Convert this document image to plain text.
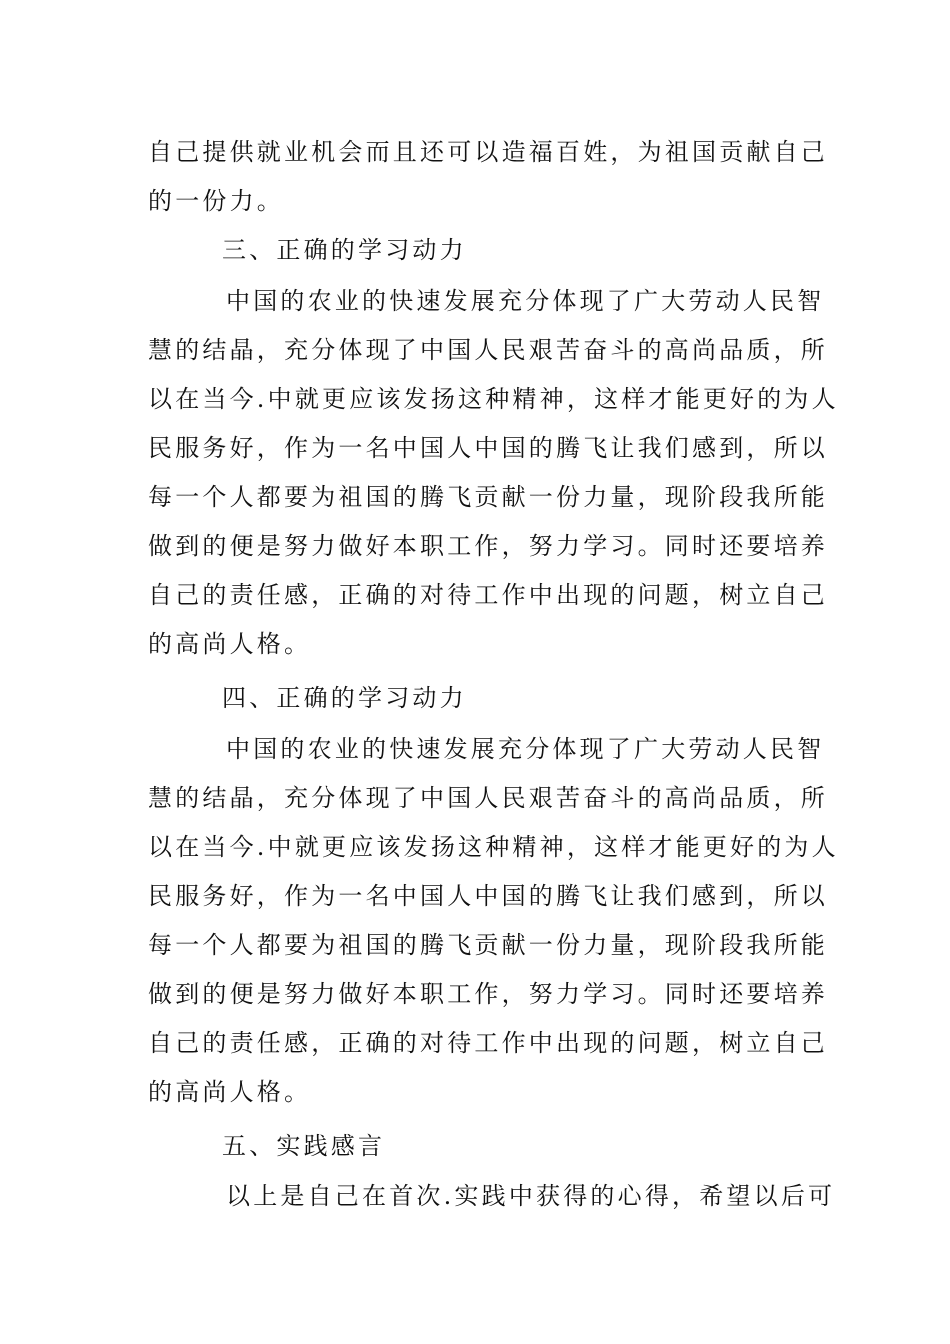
自己提供就业机会而且还可以造福百姓，为祖国贡献自己
的一份力。
三、正确的学习动力
中国的农业的快速发展充分体现了广大劳动人民智
慧的结晶，充分体现了中国人民艰苦奋斗的高尚品质，所
以在当今.中就更应该发扬这种精神，这样才能更好的为人
民服务好，作为一名中国人中国的腾飞让我们感到，所以
每一个人都要为祖国的腾飞贡献一份力量，现阶段我所能
做到的便是努力做好本职工作，努力学习。同时还要培养
自己的责任感，正确的对待工作中出现的问题，树立自己
的高尚人格。
四、正确的学习动力
中国的农业的快速发展充分体现了广大劳动人民智
慧的结晶，充分体现了中国人民艰苦奋斗的高尚品质，所
以在当今.中就更应该发扬这种精神，这样才能更好的为人
民服务好，作为一名中国人中国的腾飞让我们感到，所以
每一个人都要为祖国的腾飞贡献一份力量，现阶段我所能
做到的便是努力做好本职工作，努力学习。同时还要培养
自己的责任感，正确的对待工作中出现的问题，树立自己
的高尚人格。
五、实践感言
以上是自己在首次.实践中获得的心得，希望以后可
